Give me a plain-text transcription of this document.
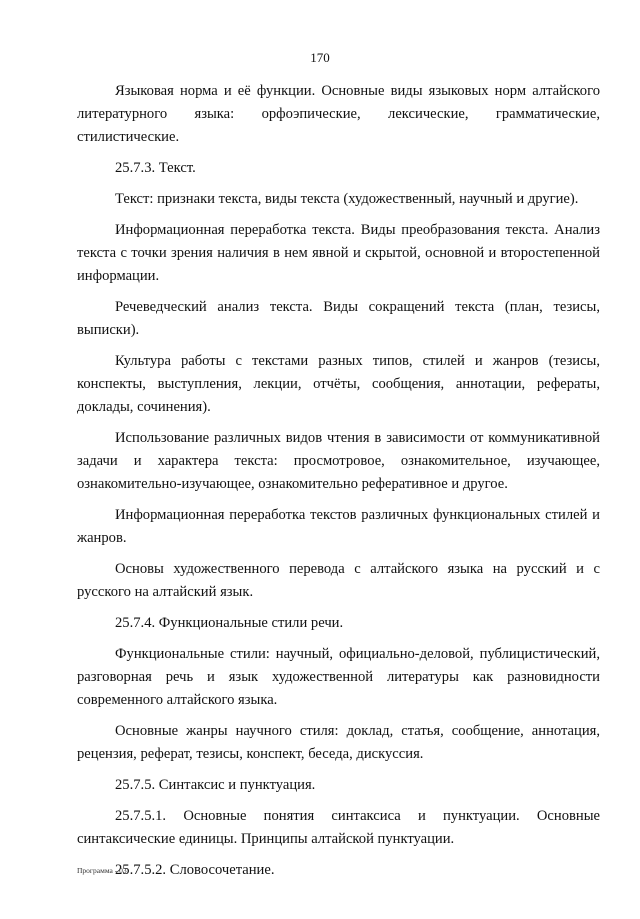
170

Языковая норма и её функции. Основные виды языковых норм алтайского литературного языка: орфоэпические, лексические, грамматические, стилистические.

25.7.3. Текст.

Текст: признаки текста, виды текста (художественный, научный и другие).

Информационная переработка текста. Виды преобразования текста. Анализ текста с точки зрения наличия в нем явной и скрытой, основной и второстепенной информации.

Речеведческий анализ текста. Виды сокращений текста (план, тезисы, выписки).

Культура работы с текстами разных типов, стилей и жанров (тезисы, конспекты, выступления, лекции, отчёты, сообщения, аннотации, рефераты, доклады, сочинения).

Использование различных видов чтения в зависимости от коммуникативной задачи и характера текста: просмотровое, ознакомительное, изучающее, ознакомительно-изучающее, ознакомительно реферативное и другое.

Информационная переработка текстов различных функциональных стилей и жанров.

Основы художественного перевода с алтайского языка на русский и с русского на алтайский язык.

25.7.4. Функциональные стили речи.

Функциональные стили: научный, официально-деловой, публицистический, разговорная речь и язык художественной литературы как разновидности современного алтайского языка.

Основные жанры научного стиля: доклад, статья, сообщение, аннотация, рецензия, реферат, тезисы, конспект, беседа, дискуссия.

25.7.5. Синтаксис и пунктуация.

25.7.5.1. Основные понятия синтаксиса и пунктуации. Основные синтаксические единицы. Принципы алтайской пунктуации.

25.7.5.2. Словосочетание.

Программа - 03
